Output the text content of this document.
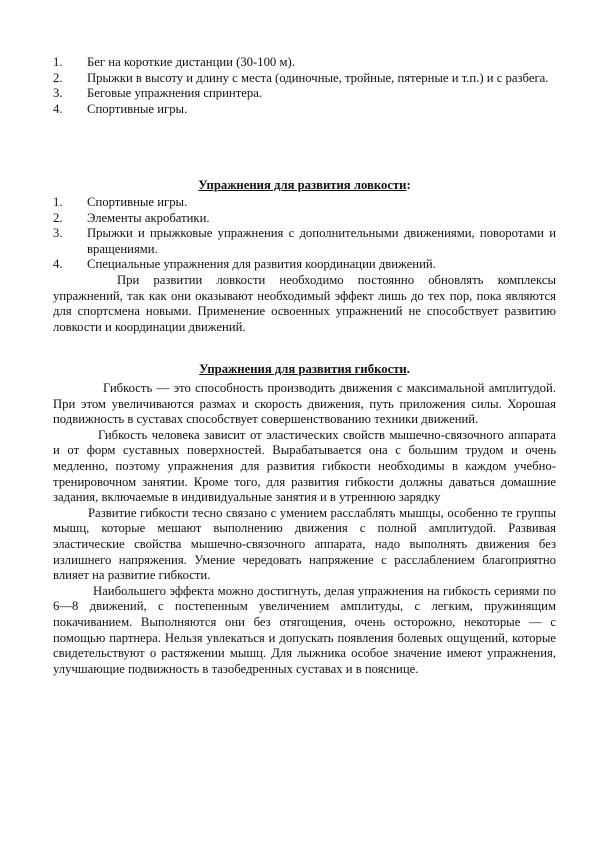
1. Бег на короткие дистанции (30-100 м).
2. Прыжки в высоту и длину с места (одиночные, тройные, пятерные и т.п.) и с разбега.
3. Беговые упражнения спринтера.
4. Спортивные игры.
Упражнения для развития ловкости:
1. Спортивные игры.
2. Элементы акробатики.
3. Прыжки и прыжковые упражнения с дополнительными движениями, поворотами и вращениями.
4. Специальные упражнения для развития координации движений.
При развитии ловкости необходимо постоянно обновлять комплексы упражнений, так как они оказывают необходимый эффект лишь до тех пор, пока являются для спортсмена новыми. Применение освоенных упражнений не способствует развитию ловкости и координации движений.
Упражнения для развития гибкости.
Гибкость — это способность производить движения с максимальной амплитудой. При этом увеличиваются размах и скорость движения, путь приложения силы. Хорошая подвижность в суставах способствует совершенствованию техники движений.
Гибкость человека зависит от эластических свойств мышечно-связочного аппарата и от форм суставных поверхностей. Вырабатывается она с большим трудом и очень медленно, поэтому упражнения для развития гибкости необходимы в каждом учебно-тренировочном занятии. Кроме того, для развития гибкости должны даваться домашние задания, включаемые в индивидуальные занятия и в утреннюю зарядку
Развитие гибкости тесно связано с умением расслаблять мышцы, особенно те группы мышц, которые мешают выполнению движения с полной амплитудой. Развивая эластические свойства мышечно-связочного аппарата, надо выполнять движения без излишнего напряжения. Умение чередовать напряжение с расслаблением благоприятно влияет на развитие гибкости.
Наибольшего эффекта можно достигнуть, делая упражнения на гибкость сериями по 6—8 движений, с постепенным увеличением амплитуды, с легким, пружинящим покачиванием. Выполняются они без отягощения, очень осторожно, некоторые — с помощью партнера. Нельзя увлекаться и допускать появления болевых ощущений, которые свидетельствуют о растяжении мышц. Для лыжника особое значение имеют упражнения, улучшающие подвижность в тазобедренных суставах и в пояснице.
